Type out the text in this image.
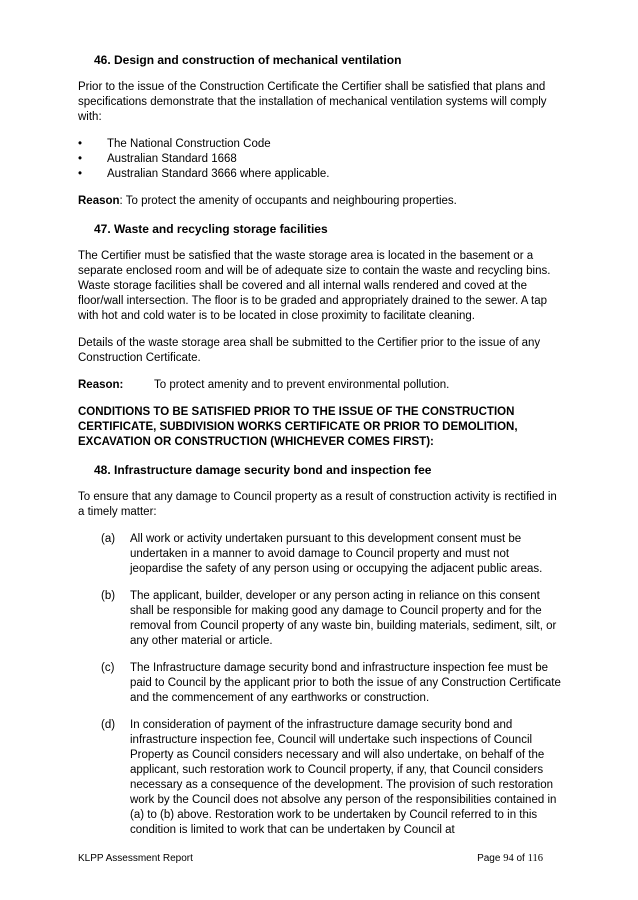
46. Design and construction of mechanical ventilation
Prior to the issue of the Construction Certificate the Certifier shall be satisfied that plans and specifications demonstrate that the installation of mechanical ventilation systems will comply with:
• The National Construction Code
• Australian Standard 1668
• Australian Standard 3666 where applicable.
Reason: To protect the amenity of occupants and neighbouring properties.
47. Waste and recycling storage facilities
The Certifier must be satisfied that the waste storage area is located in the basement or a separate enclosed room and will be of adequate size to contain the waste and recycling bins. Waste storage facilities shall be covered and all internal walls rendered and coved at the floor/wall intersection. The floor is to be graded and appropriately drained to the sewer. A tap with hot and cold water is to be located in close proximity to facilitate cleaning.
Details of the waste storage area shall be submitted to the Certifier prior to the issue of any Construction Certificate.
Reason:	To protect amenity and to prevent environmental pollution.
CONDITIONS TO BE SATISFIED PRIOR TO THE ISSUE OF THE CONSTRUCTION CERTIFICATE, SUBDIVISION WORKS CERTIFICATE OR PRIOR TO DEMOLITION, EXCAVATION OR CONSTRUCTION (WHICHEVER COMES FIRST):
48. Infrastructure damage security bond and inspection fee
To ensure that any damage to Council property as a result of construction activity is rectified in a timely matter:
(a) All work or activity undertaken pursuant to this development consent must be undertaken in a manner to avoid damage to Council property and must not jeopardise the safety of any person using or occupying the adjacent public areas.
(b) The applicant, builder, developer or any person acting in reliance on this consent shall be responsible for making good any damage to Council property and for the removal from Council property of any waste bin, building materials, sediment, silt, or any other material or article.
(c) The Infrastructure damage security bond and infrastructure inspection fee must be paid to Council by the applicant prior to both the issue of any Construction Certificate and the commencement of any earthworks or construction.
(d) In consideration of payment of the infrastructure damage security bond and infrastructure inspection fee, Council will undertake such inspections of Council Property as Council considers necessary and will also undertake, on behalf of the applicant, such restoration work to Council property, if any, that Council considers necessary as a consequence of the development. The provision of such restoration work by the Council does not absolve any person of the responsibilities contained in (a) to (b) above. Restoration work to be undertaken by Council referred to in this condition is limited to work that can be undertaken by Council at
KLPP Assessment Report	Page 94 of 116
